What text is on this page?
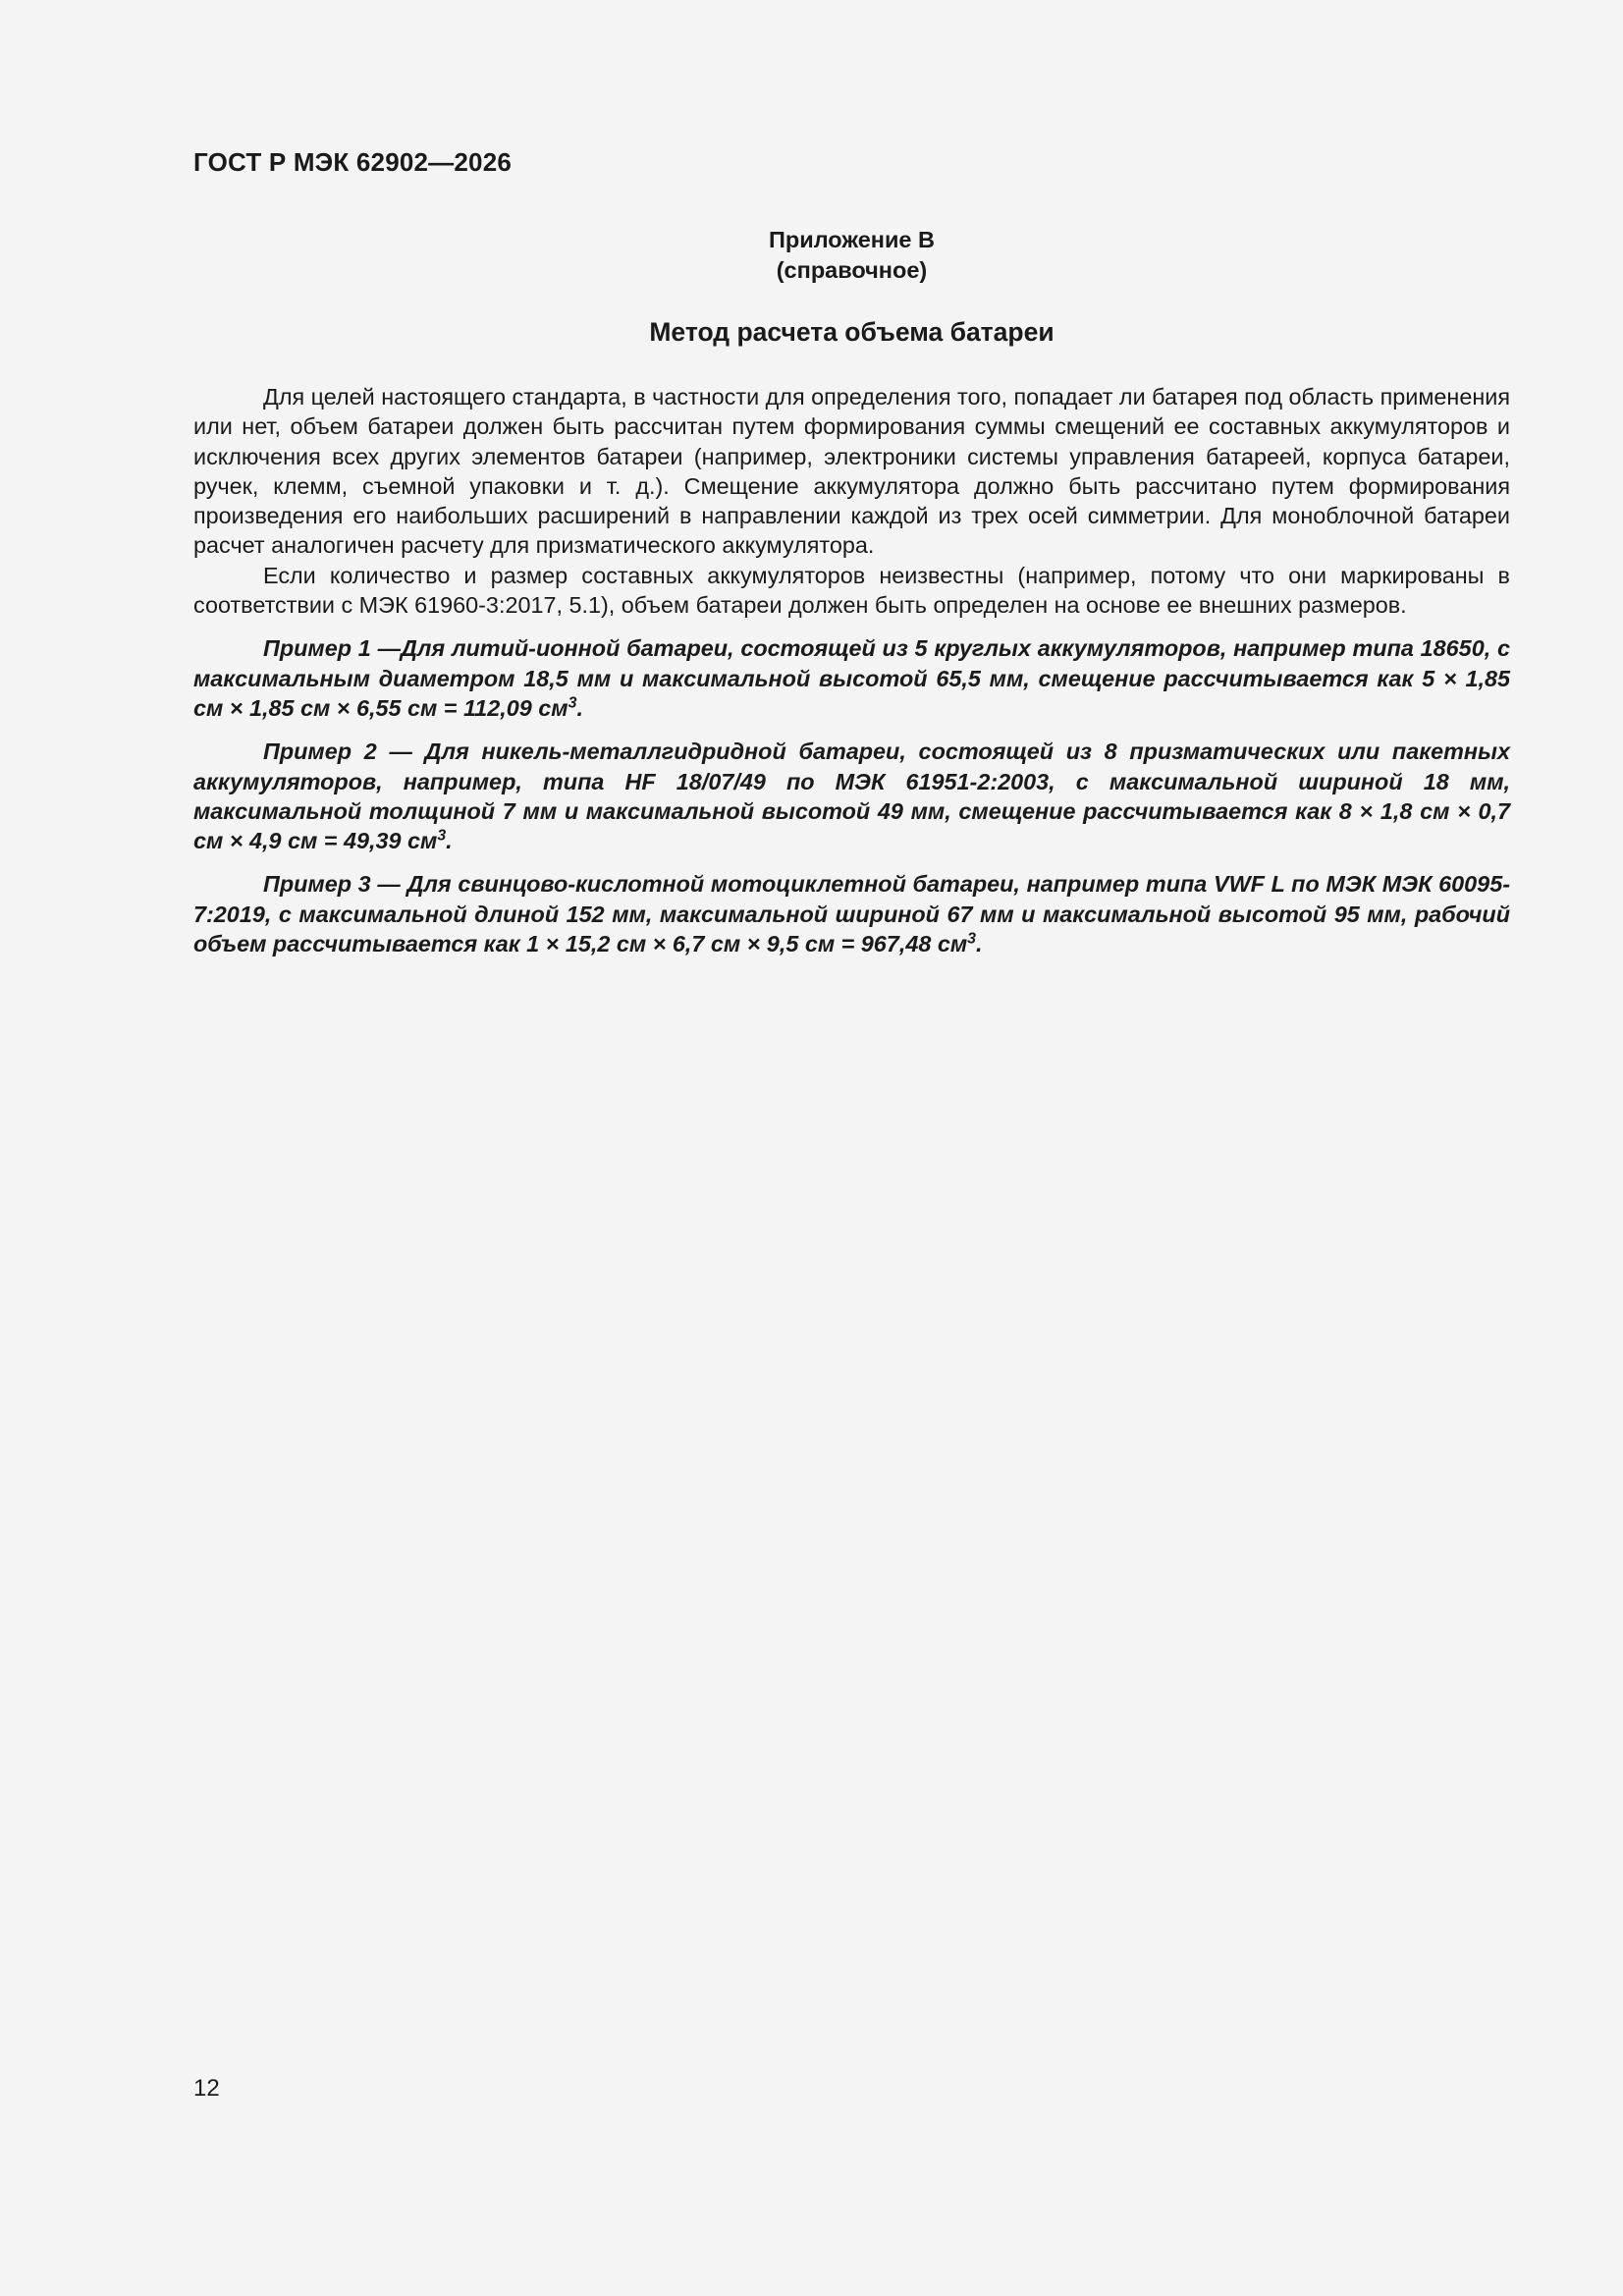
ГОСТ Р МЭК 62902—2026
Приложение В
(справочное)
Метод расчета объема батареи

Для целей настоящего стандарта, в частности для определения того, попадает ли батарея под область применения или нет, объем батареи должен быть рассчитан путем формирования суммы смещений ее составных аккумуляторов и исключения всех других элементов батареи (например, электроники системы управления батареей, корпуса батареи, ручек, клемм, съемной упаковки и т. д.). Смещение аккумулятора должно быть рассчитано путем формирования произведения его наибольших расширений в направлении каждой из трех осей симметрии. Для моноблочной батареи расчет аналогичен расчету для призматического аккумулятора.

Если количество и размер составных аккумуляторов неизвестны (например, потому что они маркированы в соответствии с МЭК 61960-3:2017, 5.1), объем батареи должен быть определен на основе ее внешних размеров.

Пример 1 —Для литий-ионной батареи, состоящей из 5 круглых аккумуляторов, например типа 18650, с максимальным диаметром 18,5 мм и максимальной высотой 65,5 мм, смещение рассчитывается как 5 × 1,85 см × 1,85 см × 6,55 см = 112,09 $см^3$.

Пример 2 — Для никель-металлгидридной батареи, состоящей из 8 призматических или пакетных аккумуляторов, например, типа HF 18/07/49 по МЭК 61951-2:2003, с максимальной шириной 18 мм, максимальной толщиной 7 мм и максимальной высотой 49 мм, смещение рассчитывается как 8 × 1,8 см × 0,7 см × 4,9 см = 49,39 $см^3$.

Пример 3 — Для свинцово-кислотной мотоциклетной батареи, например типа VWF L по МЭК МЭК 60095-7:2019, с максимальной длиной 152 мм, максимальной шириной 67 мм и максимальной высотой 95 мм, рабочий объем рассчитывается как 1 × 15,2 см × 6,7 см × 9,5 см = 967,48 $см^3$.

12
